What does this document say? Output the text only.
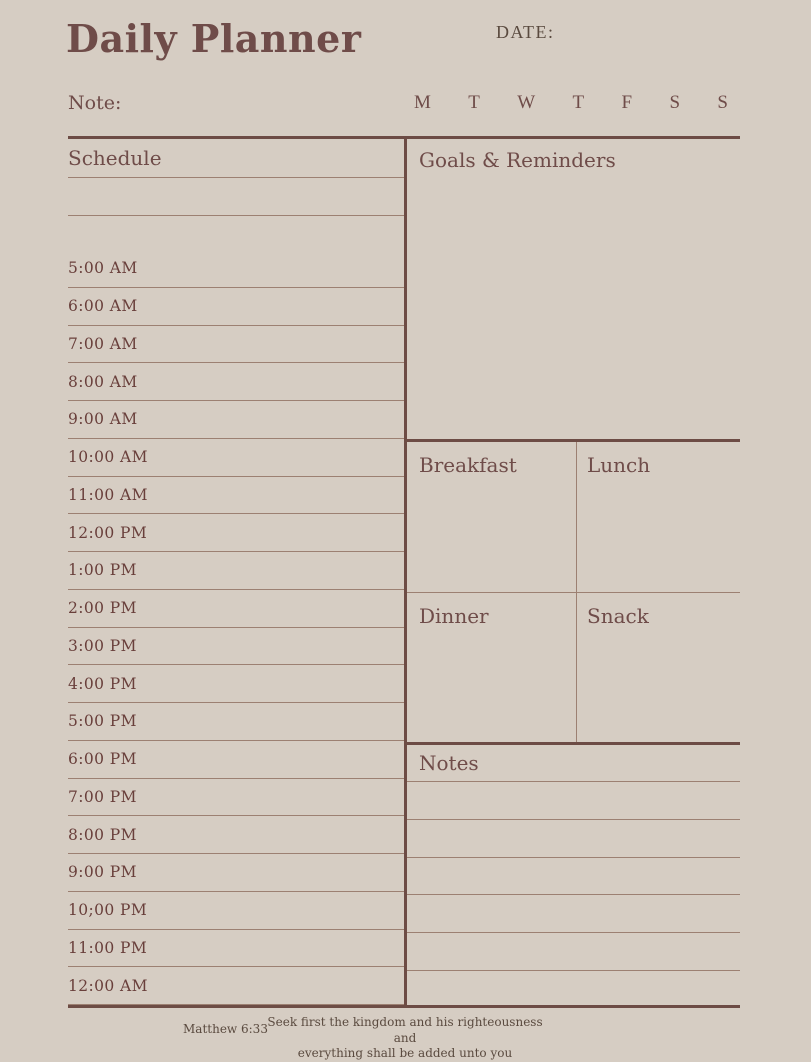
Daily Planner	DATE:
Note:	M T W T F S S
Schedule
5:00 AM
6:00 AM
7:00 AM
8:00 AM
9:00 AM
10:00 AM
11:00 AM
12:00 PM
1:00 PM
2:00 PM
3:00 PM
4:00 PM
5:00 PM
6:00 PM
7:00 PM
8:00 PM
9:00 PM
10;00 PM
11:00 PM
12:00 AM
Goals & Reminders
Breakfast	Lunch
Dinner	Snack
Notes
Matthew 6:33 Seek first the kingdom and his righteousness and
everything shall be added unto you
